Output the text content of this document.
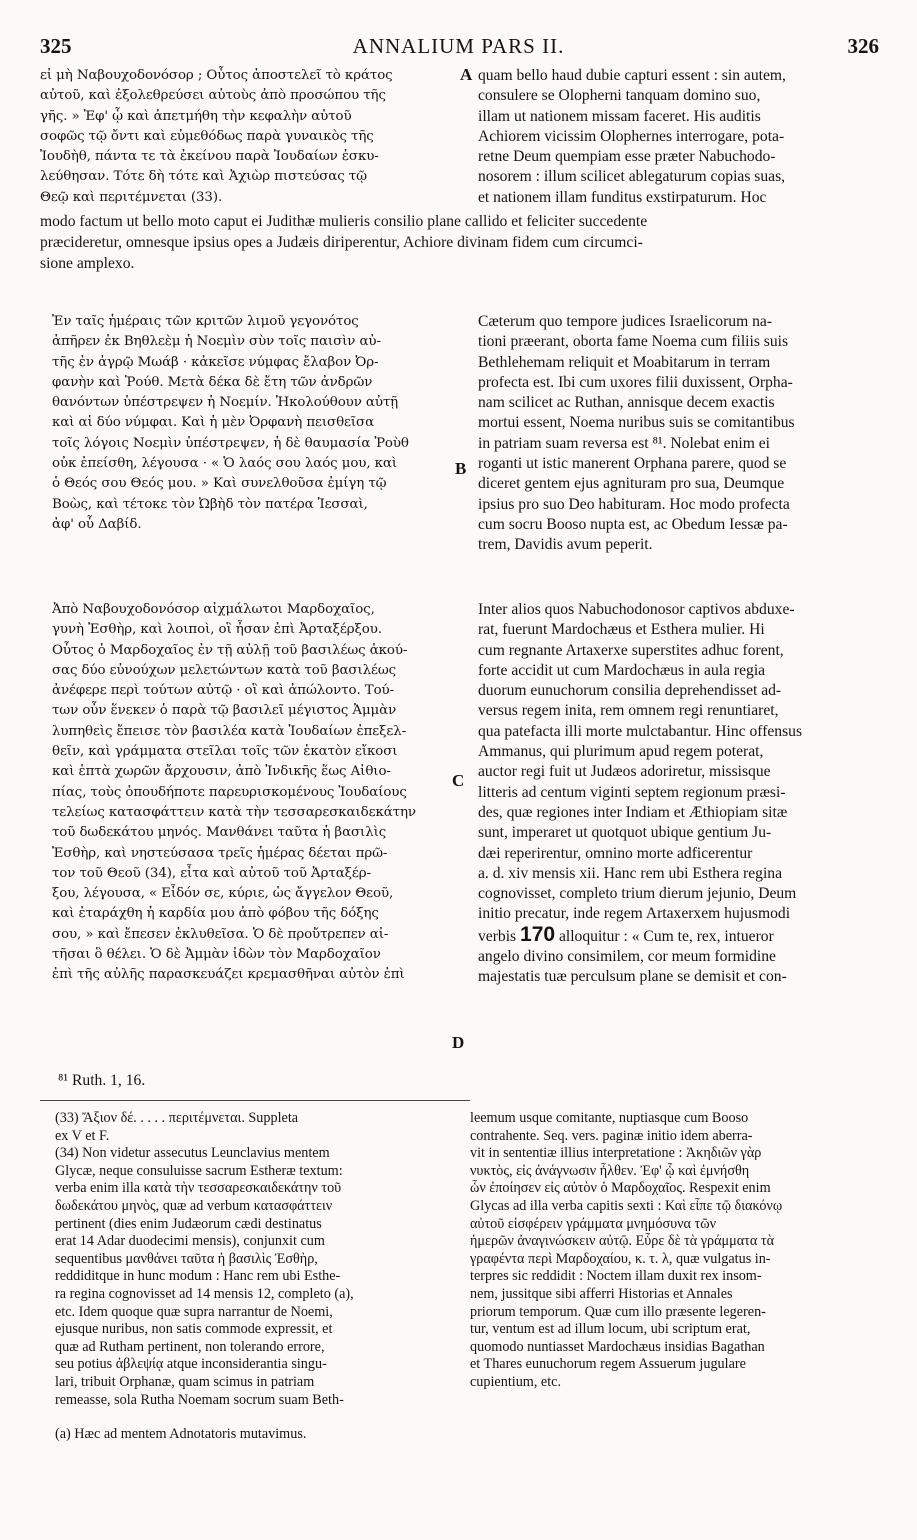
325	ANNALIUM PARS II.	326
εἰ μὴ Ναβουχοδονόσορ ; Οὗτος ἀποστελεῖ τὸ κράτος
αὐτοῦ, καὶ ἐξολεθρεύσει αὐτοὺς ἀπὸ προσώπου τῆς
γῆς. » Ἐφ' ᾧ καὶ ἀπετμήθη τὴν κεφαλὴν αὐτοῦ
σοφῶς τῷ ὄντι καὶ εὐμεθόδως παρὰ γυναικὸς τῆς
Ἰουδὴθ, πάντα τε τὰ ἐκείνου παρὰ Ἰουδαίων ἐσκυ-
λεύθησαν. Τότε δὴ τότε καὶ Ἀχιὼρ πιστεύσας τῷ
Θεῷ καὶ περιτέμνεται (33).
A quam bello haud dubie capturi essent : sin autem,
consulere se Olopherni tanquam domino suo,
illam ut nationem missam faceret. His auditis
Achiorem vicissim Olophernes interrogare, pota-
retne Deum quempiam esse præter Nabuchodo-
nosorem : illum scilicet ablegaturum copias suas,
et nationem illam funditus exstirpaturum. Hoc
modo factum ut bello moto caput ei Judithæ mulieris consilio plane callido et feliciter succedente
præcideretur, omnesque ipsius opes a Judæis diriperentur, Achiore divinam fidem cum circumci-
sione amplexo.
Ἐν ταῖς ἡμέραις τῶν κριτῶν λιμοῦ γεγονότος
ἀπῆρεν ἐκ Βηθλεὲμ ἡ Νοεμὶν σὺν τοῖς παισὶν αὐ-
τῆς ἐν ἀγρῷ Μωάβ · κἀκεῖσε νύμφας ἔλαβον Ὀρ-
φανὴν καὶ Ῥούθ. Μετὰ δέκα δὲ ἔτη τῶν ἀνδρῶν
θανόντων ὑπέστρεψεν ἡ Νοεμίν. Ἠκολούθουν αὐτῇ
καὶ αἱ δύο νύμφαι. Καὶ ἡ μὲν Ὀρφανὴ πεισθεῖσα
τοῖς λόγοις Νοεμὶν ὑπέστρεψεν, ἡ δὲ θαυμασία Ῥοὺθ
οὐκ ἐπείσθη, λέγουσα · « Ὁ λαός σου λαός μου, καὶ
ὁ Θεός σου Θεός μου. » Καὶ συνελθοῦσα ἐμίγη τῷ
Βοὼς, καὶ τέτοκε τὸν Ὠβὴδ τὸν πατέρα Ἰεσσαὶ,
ἀφ' οὗ Δαβίδ.
B
Cæterum quo tempore judices Israelicorum na-
tioni præerant, oborta fame Noema cum filiis suis
Bethlehemam reliquit et Moabitarum in terram
profecta est. Ibi cum uxores filii duxissent, Orpha-
nam scilicet ac Ruthan, annisque decem exactis
mortui essent, Noema nuribus suis se comitantibus
in patriam suam reversa est ⁸¹. Nolebat enim ei
roganti ut istic manerent Orphana parere, quod se
diceret gentem ejus agnituram pro sua, Deumque
ipsius pro suo Deo habituram. Hoc modo profecta
cum socru Booso nupta est, ac Obedum Iessæ pa-
trem, Davidis avum peperit.
Ἀπὸ Ναβουχοδονόσορ αἰχμάλωτοι Μαρδοχαῖος,
γυνὴ Ἐσθὴρ, καὶ λοιποὶ, οἳ ἦσαν ἐπὶ Ἀρταξέρξου.
Οὗτος ὁ Μαρδοχαῖος ἐν τῇ αὐλῇ τοῦ βασιλέως ἀκού-
σας δύο εὐνούχων μελετώντων κατὰ τοῦ βασιλέως
ἀνέφερε περὶ τούτων αὐτῷ · οἳ καὶ ἀπώλοντο. Τού-
των οὖν ἕνεκεν ὁ παρὰ τῷ βασιλεῖ μέγιστος Ἀμμὰν
λυπηθεὶς ἔπεισε τὸν βασιλέα κατὰ Ἰουδαίων ἐπεξελ-
θεῖν, καὶ γράμματα στεῖλαι τοῖς τῶν ἑκατὸν εἴκοσι
καὶ ἑπτὰ χωρῶν ἄρχουσιν, ἀπὸ Ἰνδικῆς ἕως Αἰθιο-
πίας, τοὺς ὁπουδήποτε παρευρισκομένους Ἰουδαίους
τελείως κατασφάττειν κατὰ τὴν τεσσαρεσκαιδεκάτην
τοῦ δωδεκάτου μηνός. Μανθάνει ταῦτα ἡ βασιλὶς
Ἐσθὴρ, καὶ νηστεύσασα τρεῖς ἡμέρας δέεται πρῶ-
τον τοῦ Θεοῦ (34), εἶτα καὶ αὐτοῦ τοῦ Ἀρταξέρ-
ξου, λέγουσα, « Εἶδόν σε, κύριε, ὡς ἄγγελον Θεοῦ,
καὶ ἐταράχθη ἡ καρδία μου ἀπὸ φόβου τῆς δόξης
σου, » καὶ ἔπεσεν ἐκλυθεῖσα. Ὁ δὲ προὔτρεπεν αἰ-
τῆσαι ὃ θέλει. Ὁ δὲ Ἀμμὰν ἰδὼν τὸν Μαρδοχαῖον
ἐπὶ τῆς αὐλῆς παρασκευάζει κρεμασθῆναι αὐτὸν ἐπὶ
C
D
Inter alios quos Nabuchodonosor captivos abduxe-
rat, fuerunt Mardochæus et Esthera mulier. Hi
cum regnante Artaxerxe superstites adhuc forent,
forte accidit ut cum Mardochæus in aula regia
duorum eunuchorum consilia deprehendisset ad-
versus regem inita, rem omnem regi renuntiaret,
qua patefacta illi morte mulctabantur. Hinc offensus
Ammanus, qui plurimum apud regem poterat,
auctor regi fuit ut Judæos adoriretur, missisque
litteris ad centum viginti septem regionum præsi-
des, quæ regiones inter Indiam et Æthiopiam sitæ
sunt, imperaret ut quotquot ubique gentium Ju-
dæi reperirentur, omnino morte adficerentur
a. d. xiv mensis xii. Hanc rem ubi Esthera regina
cognovisset, completo trium dierum jejunio, Deum
initio precatur, inde regem Artaxerxem hujusmodi
verbis 170 alloquitur : « Cum te, rex, intueror
angelo divino consimilem, cor meum formidine
majestatis tuæ perculsum plane se demisit et con-
⁸¹ Ruth. 1, 16.
(33) Ἄξιον δέ. . . . . περιτέμνεται. Suppleta
ex V et F.
(34) Non videtur assecutus Leunclavius mentem
Glycæ, neque consuluisse sacrum Estheræ textum:
verba enim illa κατὰ τὴν τεσσαρεσκαιδεκάτην τοῦ
δωδεκάτου μηνὸς, quæ ad verbum κατασφάττειν
pertinent (dies enim Judæorum cædi destinatus
erat 14 Adar duodecimi mensis), conjunxit cum
sequentibus μανθάνει ταῦτα ἡ βασιλὶς Ἐσθὴρ,
reddiditque in hunc modum : Hanc rem ubi Esthe-
ra regina cognovisset ad 14 mensis 12, completo (a),
etc. Idem quoque quæ supra narrantur de Noemi,
ejusque nuribus, non satis commode expressit, et
quæ ad Rutham pertinent, non tolerando errore,
seu potius ἀβλεψίᾳ atque inconsiderantia singu-
lari, tribuit Orphanæ, quam scimus in patriam
remeasse, sola Rutha Noemam socrum suam Beth-
leemum usque comitante, nuptiasque cum Booso
contrahente. Seq. vers. paginæ initio idem aberra-
vit in sententiæ illius interpretatione : Ἀκηδιῶν γὰρ
νυκτὸς, εἰς ἀνάγνωσιν ἦλθεν. Ἐφ' ᾧ καὶ ἐμνήσθη
ὧν ἐποίησεν εἰς αὐτὸν ὁ Μαρδοχαῖος. Respexit enim
Glycas ad illa verba capitis sexti : Καὶ εἶπε τῷ διακόνῳ
αὐτοῦ εἰσφέρειν γράμματα μνημόσυνα τῶν
ἡμερῶν ἀναγινώσκειν αὐτῷ. Εὗρε δὲ τὰ γράμματα τὰ
γραφέντα περὶ Μαρδοχαίου, κ. τ. λ, quæ vulgatus in-
terpres sic reddidit : Noctem illam duxit rex insom-
nem, jussitque sibi afferri Historias et Annales
priorum temporum. Quæ cum illo præsente legeren-
tur, ventum est ad illum locum, ubi scriptum erat,
quomodo nuntiasset Mardochæus insidias Bagathan
et Thares eunuchorum regem Assuerum jugulare
cupientium, etc.
(a) Hæc ad mentem Adnotatoris mutavimus.
